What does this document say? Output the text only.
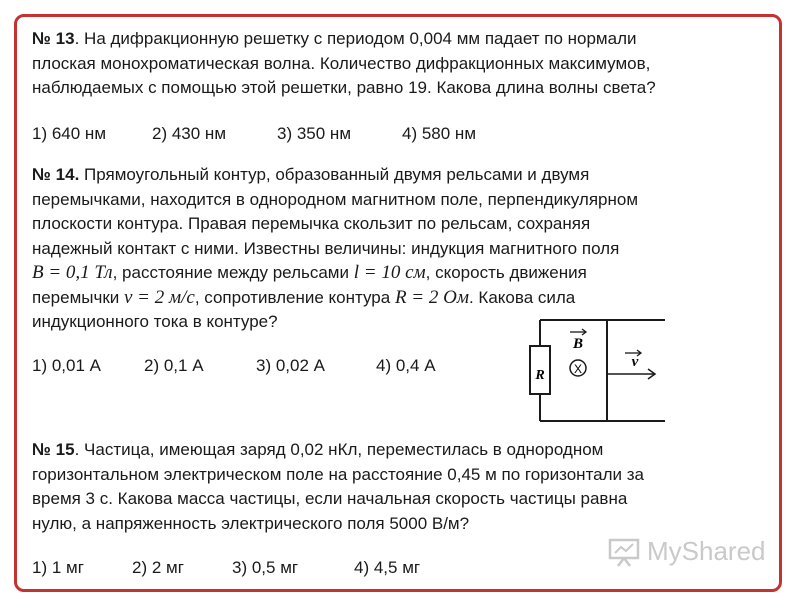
№ 13. На дифракционную решетку с периодом 0,004 мм падает по нормали
плоская монохроматическая волна. Количество дифракционных максимумов,
наблюдаемых с помощью этой решетки, равно 19. Какова длина волны света?
1) 640 нм	2) 430 нм	3) 350 нм	4) 580 нм
№ 14. Прямоугольный контур, образованный двумя рельсами и двумя
перемычками, находится в однородном магнитном поле, перпендикулярном
плоскости контура. Правая перемычка скользит по рельсам, сохраняя
надежный контакт с ними. Известны величины: индукция магнитного поля
B = 0,1 Тл, расстояние между рельсами l = 10 см, скорость движения
перемычки v = 2 м/с, сопротивление контура R = 2 Ом. Какова сила
индукционного тока в контуре?
1) 0,01 А	2) 0,1 А	3) 0,02 А	4) 0,4 А
R
B
X	v
№ 15. Частица, имеющая заряд 0,02 нКл, переместилась в однородном
горизонтальном электрическом поле на расстояние 0,45 м по горизонтали за
время 3 с. Какова масса частицы, если начальная скорость частицы равна
нулю, а напряженность электрического поля 5000 В/м?
1) 1 мг	2) 2 мг	3) 0,5 мг	4) 4,5 мг
MyShared
